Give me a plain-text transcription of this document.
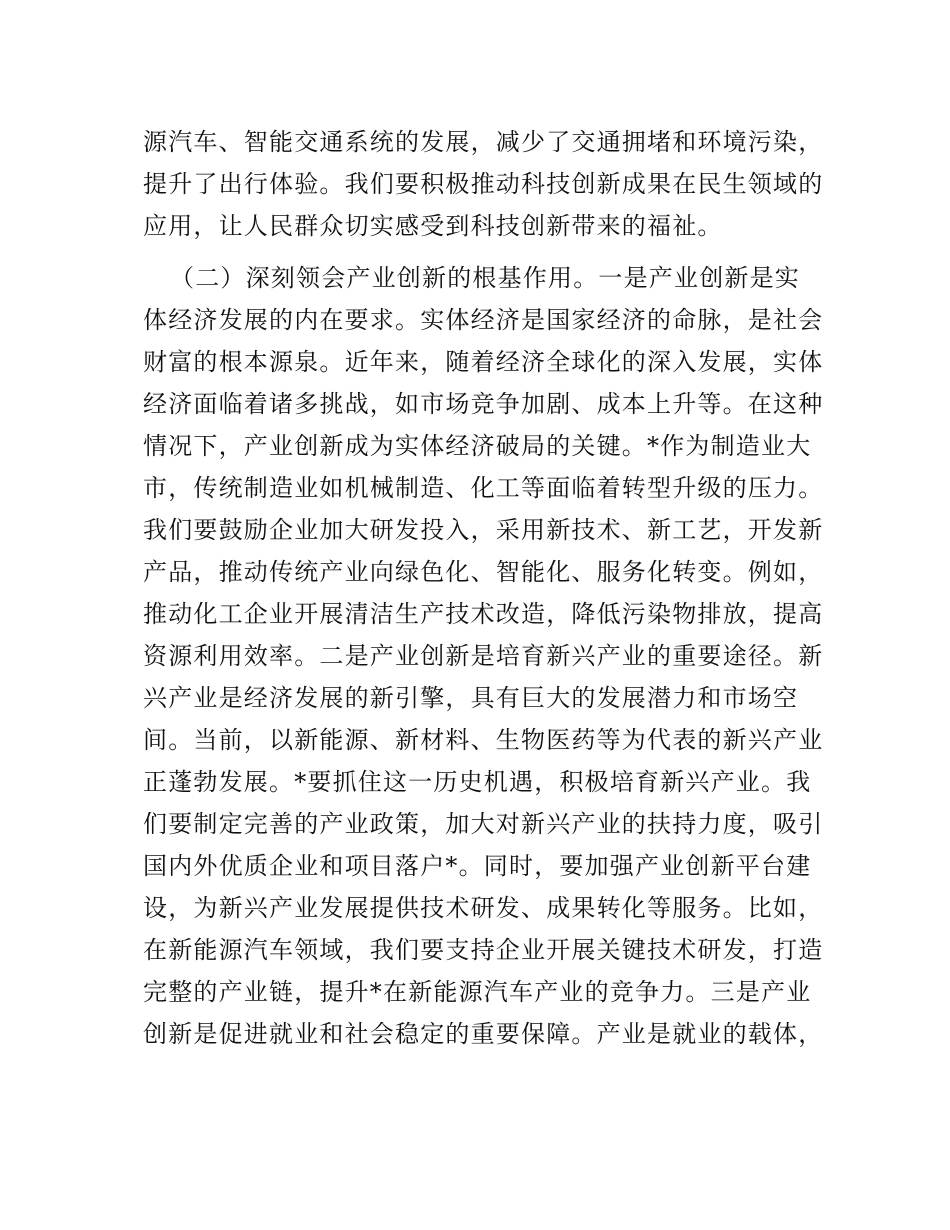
源汽车、智能交通系统的发展，减少了交通拥堵和环境污染，
提升了出行体验。我们要积极推动科技创新成果在民生领域的
应用，让人民群众切实感受到科技创新带来的福祉。
（二）深刻领会产业创新的根基作用。一是产业创新是实
体经济发展的内在要求。实体经济是国家经济的命脉，是社会
财富的根本源泉。近年来，随着经济全球化的深入发展，实体
经济面临着诸多挑战，如市场竞争加剧、成本上升等。在这种
情况下，产业创新成为实体经济破局的关键。*作为制造业大
市，传统制造业如机械制造、化工等面临着转型升级的压力。
我们要鼓励企业加大研发投入，采用新技术、新工艺，开发新
产品，推动传统产业向绿色化、智能化、服务化转变。例如，
推动化工企业开展清洁生产技术改造，降低污染物排放，提高
资源利用效率。二是产业创新是培育新兴产业的重要途径。新
兴产业是经济发展的新引擎，具有巨大的发展潜力和市场空
间。当前，以新能源、新材料、生物医药等为代表的新兴产业
正蓬勃发展。*要抓住这一历史机遇，积极培育新兴产业。我
们要制定完善的产业政策，加大对新兴产业的扶持力度，吸引
国内外优质企业和项目落户*。同时，要加强产业创新平台建
设，为新兴产业发展提供技术研发、成果转化等服务。比如，
在新能源汽车领域，我们要支持企业开展关键技术研发，打造
完整的产业链，提升*在新能源汽车产业的竞争力。三是产业
创新是促进就业和社会稳定的重要保障。产业是就业的载体，
